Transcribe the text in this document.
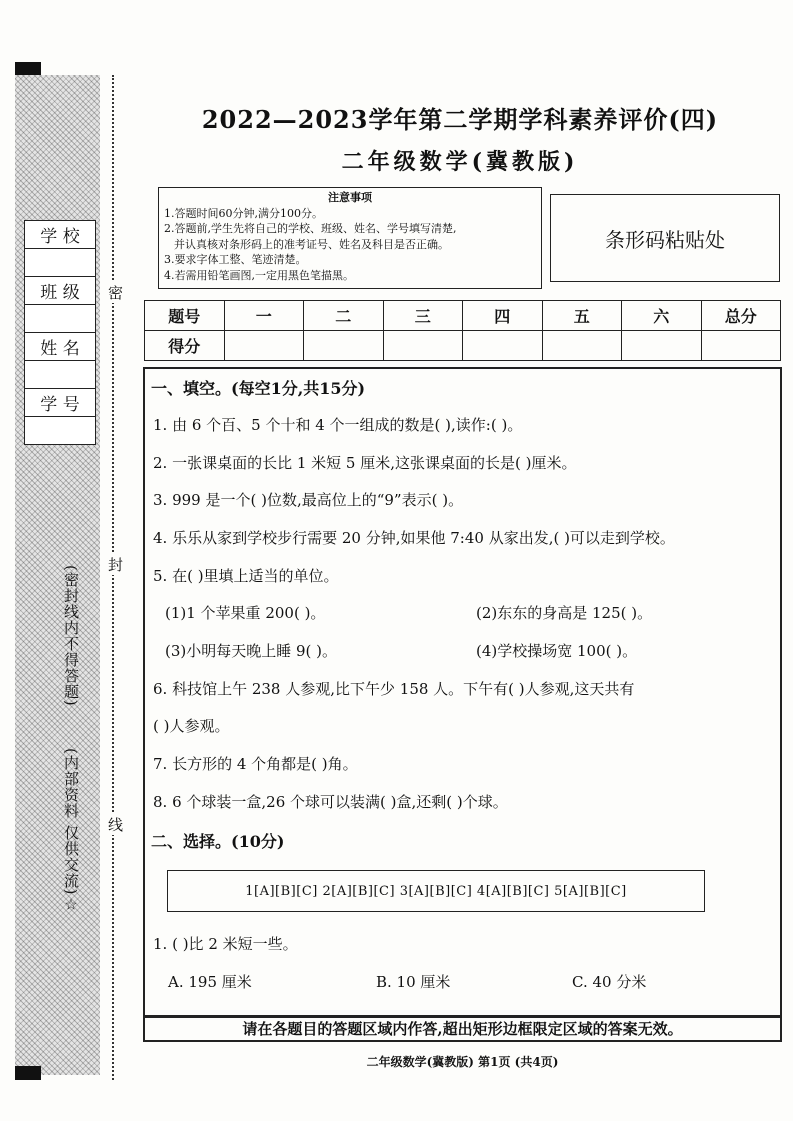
学 校

班 级

姓 名

学 号

(密封线内不得答题)
(内部资料 仅供交流)☆
密
封
线
2022—2023学年第二学期学科素养评价(四)
二年级数学(冀教版)
注意事项
1.答题时间60分钟,满分100分。
2.答题前,学生先将自己的学校、班级、姓名、学号填写清楚,
并认真核对条形码上的准考证号、姓名及科目是否正确。
3.要求字体工整、笔迹清楚。
4.若需用铅笔画图,一定用黑色笔描黑。
条形码粘贴处
题号	一	二	三	四	五	六	总分
得分							
一、填空。(每空1分,共15分)
1. 由 6 个百、5 个十和 4 个一组成的数是( ),读作:( )。
2. 一张课桌面的长比 1 米短 5 厘米,这张课桌面的长是( )厘米。
3. 999 是一个( )位数,最高位上的“9”表示( )。
4. 乐乐从家到学校步行需要 20 分钟,如果他 7:40 从家出发,( )可以走到学校。
5. 在( )里填上适当的单位。
(1)1 个苹果重 200( )。	(2)东东的身高是 125( )。
(3)小明每天晚上睡 9( )。	(4)学校操场宽 100( )。
6. 科技馆上午 238 人参观,比下午少 158 人。下午有( )人参观,这天共有
( )人参观。
7. 长方形的 4 个角都是( )角。
8. 6 个球装一盒,26 个球可以装满( )盒,还剩( )个球。
二、选择。(10分)
1[A][B][C] 2[A][B][C] 3[A][B][C] 4[A][B][C] 5[A][B][C]
1. ( )比 2 米短一些。
A. 195 厘米	B. 10 厘米	C. 40 分米
请在各题目的答题区域内作答,超出矩形边框限定区域的答案无效。
二年级数学(冀教版) 第1页 (共4页)
